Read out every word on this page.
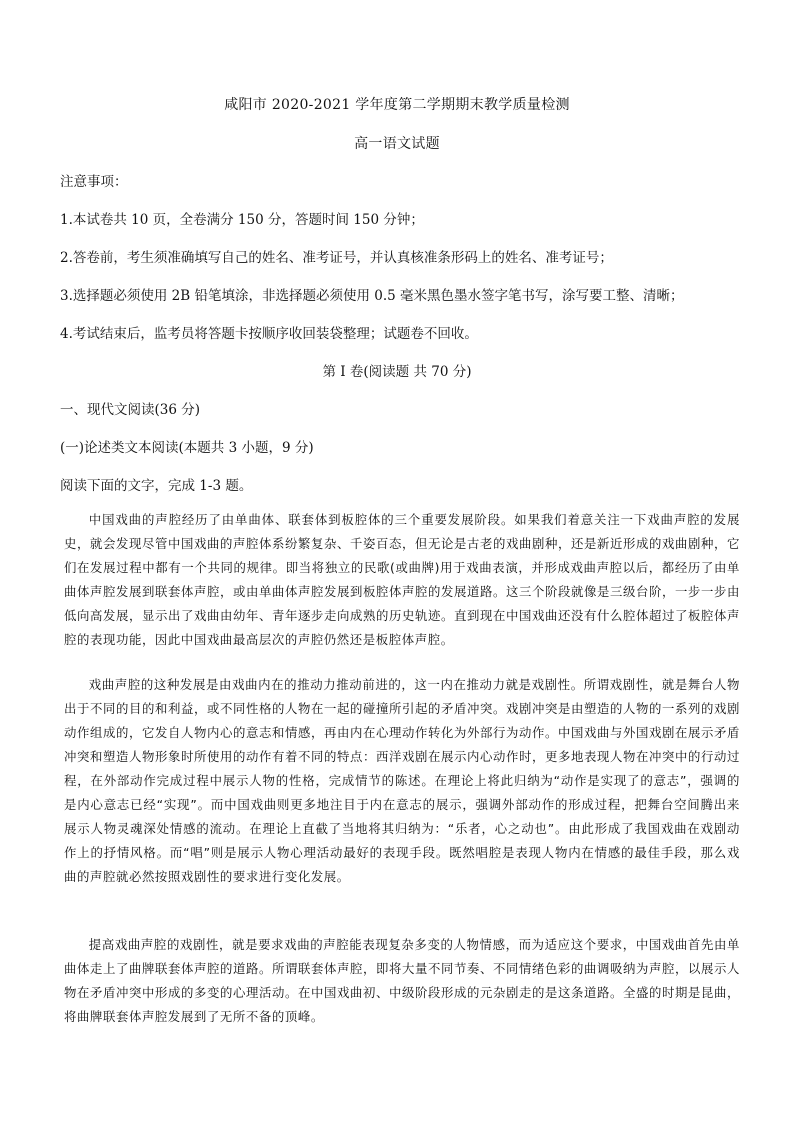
咸阳市 2020-2021 学年度第二学期期末教学质量检测
高一语文试题
注意事项：
1.本试卷共 10 页，全卷满分 150 分，答题时间 150 分钟；
2.答卷前，考生须准确填写自己的姓名、准考证号，并认真核准条形码上的姓名、准考证号；
3.选择题必须使用 2B 铅笔填涂，非选择题必须使用 0.5 毫米黑色墨水签字笔书写，涂写要工整、清晰；
4.考试结束后，监考员将答题卡按顺序收回装袋整理；试题卷不回收。
第 I 卷(阅读题 共 70 分)
一、现代文阅读(36 分)
(一)论述类文本阅读(本题共 3 小题，9 分)
阅读下面的文字，完成 1-3 题。

中国戏曲的声腔经历了由单曲体、联套体到板腔体的三个重要发展阶段。如果我们着意关注一下戏曲声腔的发展史，就会发现尽管中国戏曲的声腔体系纷繁复杂、千姿百态，但无论是古老的戏曲剧种，还是新近形成的戏曲剧种，它们在发展过程中都有一个共同的规律。即当将独立的民歌(或曲牌)用于戏曲表演，并形成戏曲声腔以后，都经历了由单曲体声腔发展到联套体声腔，或由单曲体声腔发展到板腔体声腔的发展道路。这三个阶段就像是三级台阶，一步一步由低向高发展，显示出了戏曲由幼年、青年逐步走向成熟的历史轨迹。直到现在中国戏曲还没有什么腔体超过了板腔体声腔的表现功能，因此中国戏曲最高层次的声腔仍然还是板腔体声腔。

戏曲声腔的这种发展是由戏曲内在的推动力推动前进的，这一内在推动力就是戏剧性。所谓戏剧性，就是舞台人物出于不同的目的和利益，或不同性格的人物在一起的碰撞所引起的矛盾冲突。戏剧冲突是由塑造的人物的一系列的戏剧动作组成的，它发自人物内心的意志和情感，再由内在心理动作转化为外部行为动作。中国戏曲与外国戏剧在展示矛盾冲突和塑造人物形象时所使用的动作有着不同的特点：西洋戏剧在展示内心动作时，更多地表现人物在冲突中的行动过程，在外部动作完成过程中展示人物的性格，完成情节的陈述。在理论上将此归纳为“动作是实现了的意志”，强调的是内心意志已经“实现”。而中国戏曲则更多地注目于内在意志的展示，强调外部动作的形成过程，把舞台空间腾出来展示人物灵魂深处情感的流动。在理论上直截了当地将其归纳为：“乐者，心之动也”。由此形成了我国戏曲在戏剧动作上的抒情风格。而“唱”则是展示人物心理活动最好的表现手段。既然唱腔是表现人物内在情感的最佳手段，那么戏曲的声腔就必然按照戏剧性的要求进行变化发展。

提高戏曲声腔的戏剧性，就是要求戏曲的声腔能表现复杂多变的人物情感，而为适应这个要求，中国戏曲首先由单曲体走上了曲牌联套体声腔的道路。所谓联套体声腔，即将大量不同节奏、不同情绪色彩的曲调吸纳为声腔，以展示人物在矛盾冲突中形成的多变的心理活动。在中国戏曲初、中级阶段形成的元杂剧走的是这条道路。全盛的时期是昆曲，将曲牌联套体声腔发展到了无所不备的顶峰。
